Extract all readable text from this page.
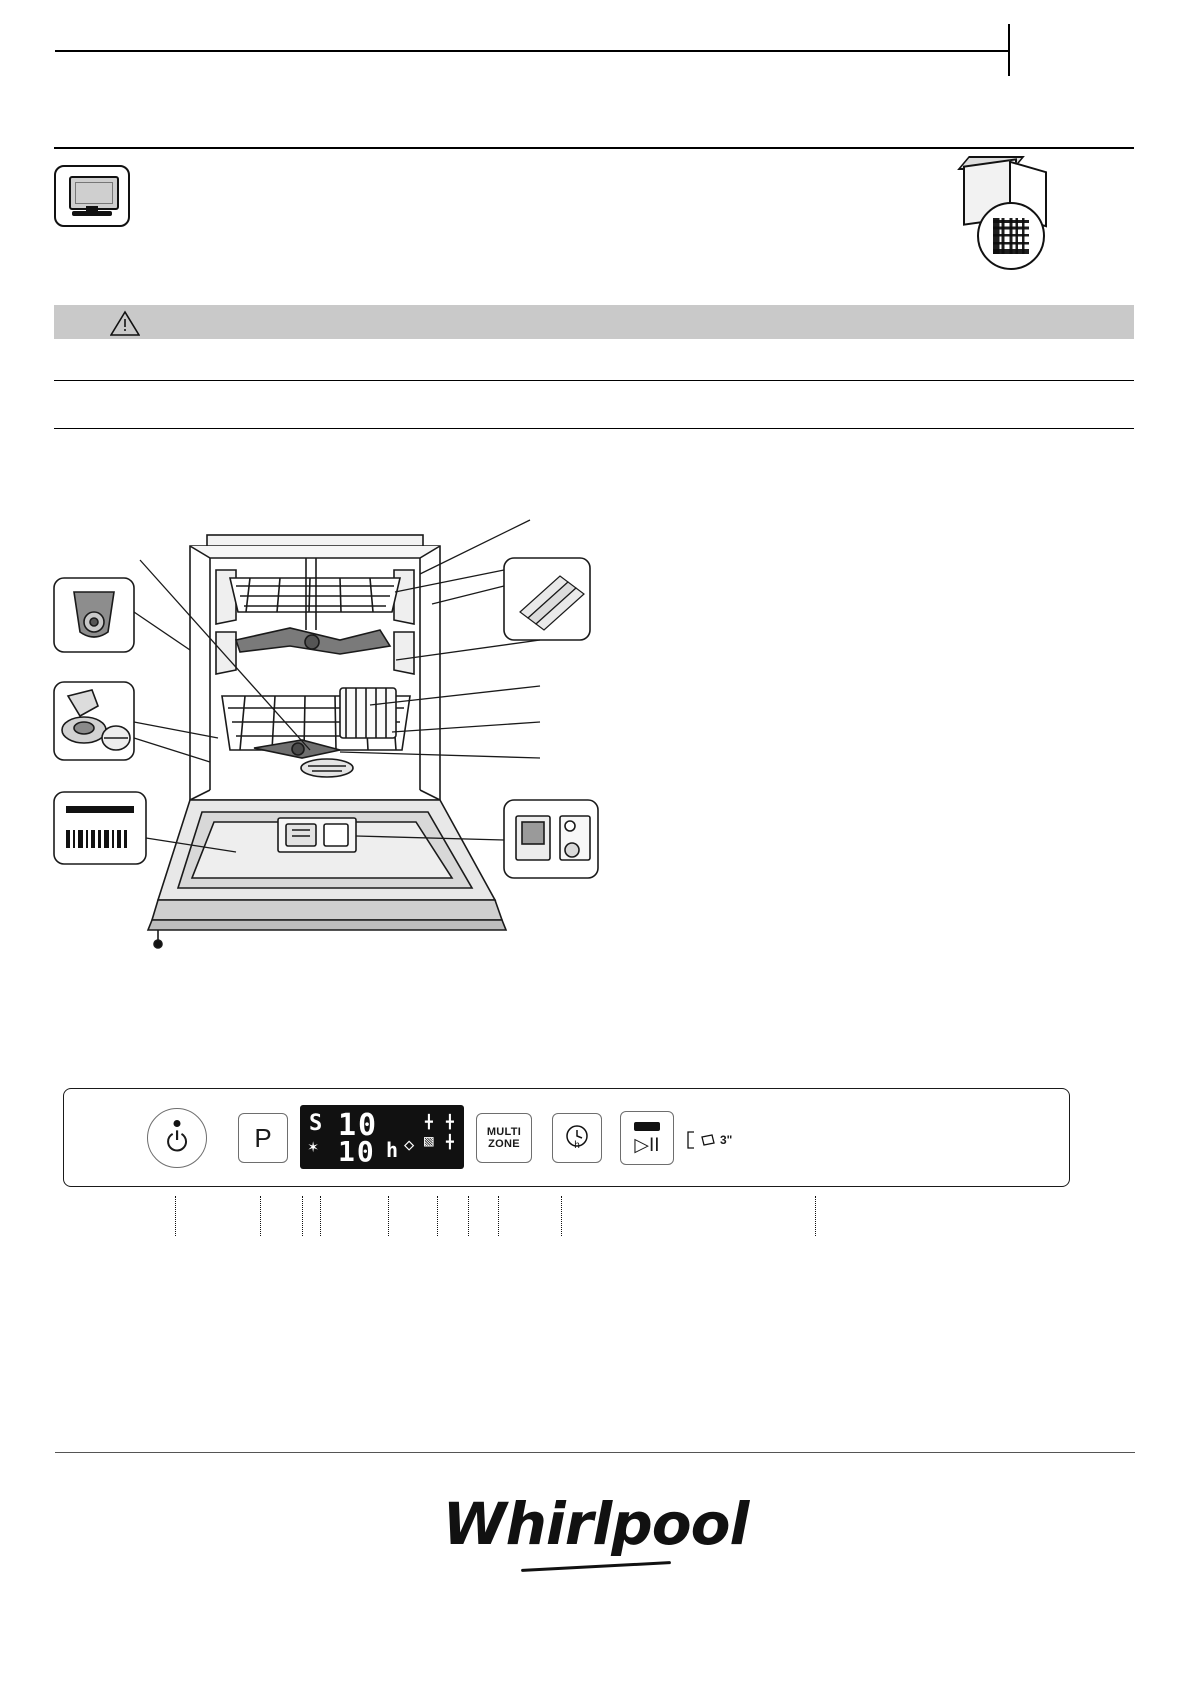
⏻	P S 10
10 h
✶	◇ ▧
╋ ╋
╋
MULTI
ZONE	h	▷II	3"
Whirlpool
